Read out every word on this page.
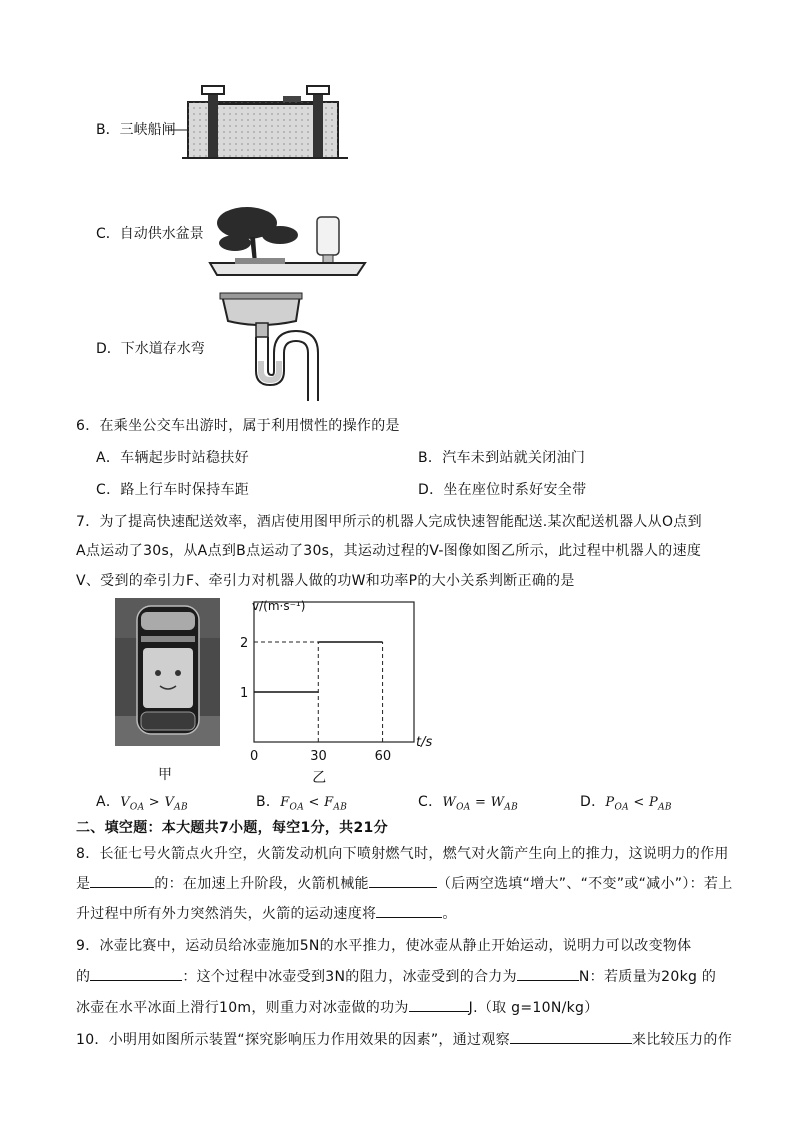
B．三峡船闸
C．自动供水盆景
D．下水道存水弯
6．在乘坐公交车出游时，属于利用惯性的操作的是
A．车辆起步时站稳扶好	B．汽车未到站就关闭油门
C．路上行车时保持车距	D．坐在座位时系好安全带
7．为了提高快速配送效率，酒店使用图甲所示的机器人完成快速智能配送.某次配送机器人从O点到
A点运动了30s，从A点到B点运动了30s，其运动过程的V-图像如图乙所示，此过程中机器人的速度
V、受到的牵引力F、牵引力对机器人做的功W和功率P的大小关系判断正确的是
甲
v/(m·s⁻¹)
t/s
0	30	60
1
2
乙
A．$V_{OA} > V_{AB}$	B．$F_{OA} < F_{AB}$	C．$W_{OA} = W_{AB}$	D．$P_{OA} < P_{AB}$
二、填空题：本大题共7小题，每空1分，共21分
8．长征七号火箭点火升空，火箭发动机向下喷射燃气时，燃气对火箭产生向上的推力，这说明力的作用
是	的：在加速上升阶段，火箭机械能	（后两空选填“增大”、“不变”或“减小”）：若上
升过程中所有外力突然消失，火箭的运动速度将	。
9．冰壶比赛中，运动员给冰壶施加5N的水平推力，使冰壶从静止开始运动，说明力可以改变物体
的	：这个过程中冰壶受到3N的阻力，冰壶受到的合力为	N：若质量为20kg 的
冰壶在水平冰面上滑行10m，则重力对冰壶做的功为	J.（取 g=10N/kg）
10．小明用如图所示装置“探究影响压力作用效果的因素”，通过观察	来比较压力的作
